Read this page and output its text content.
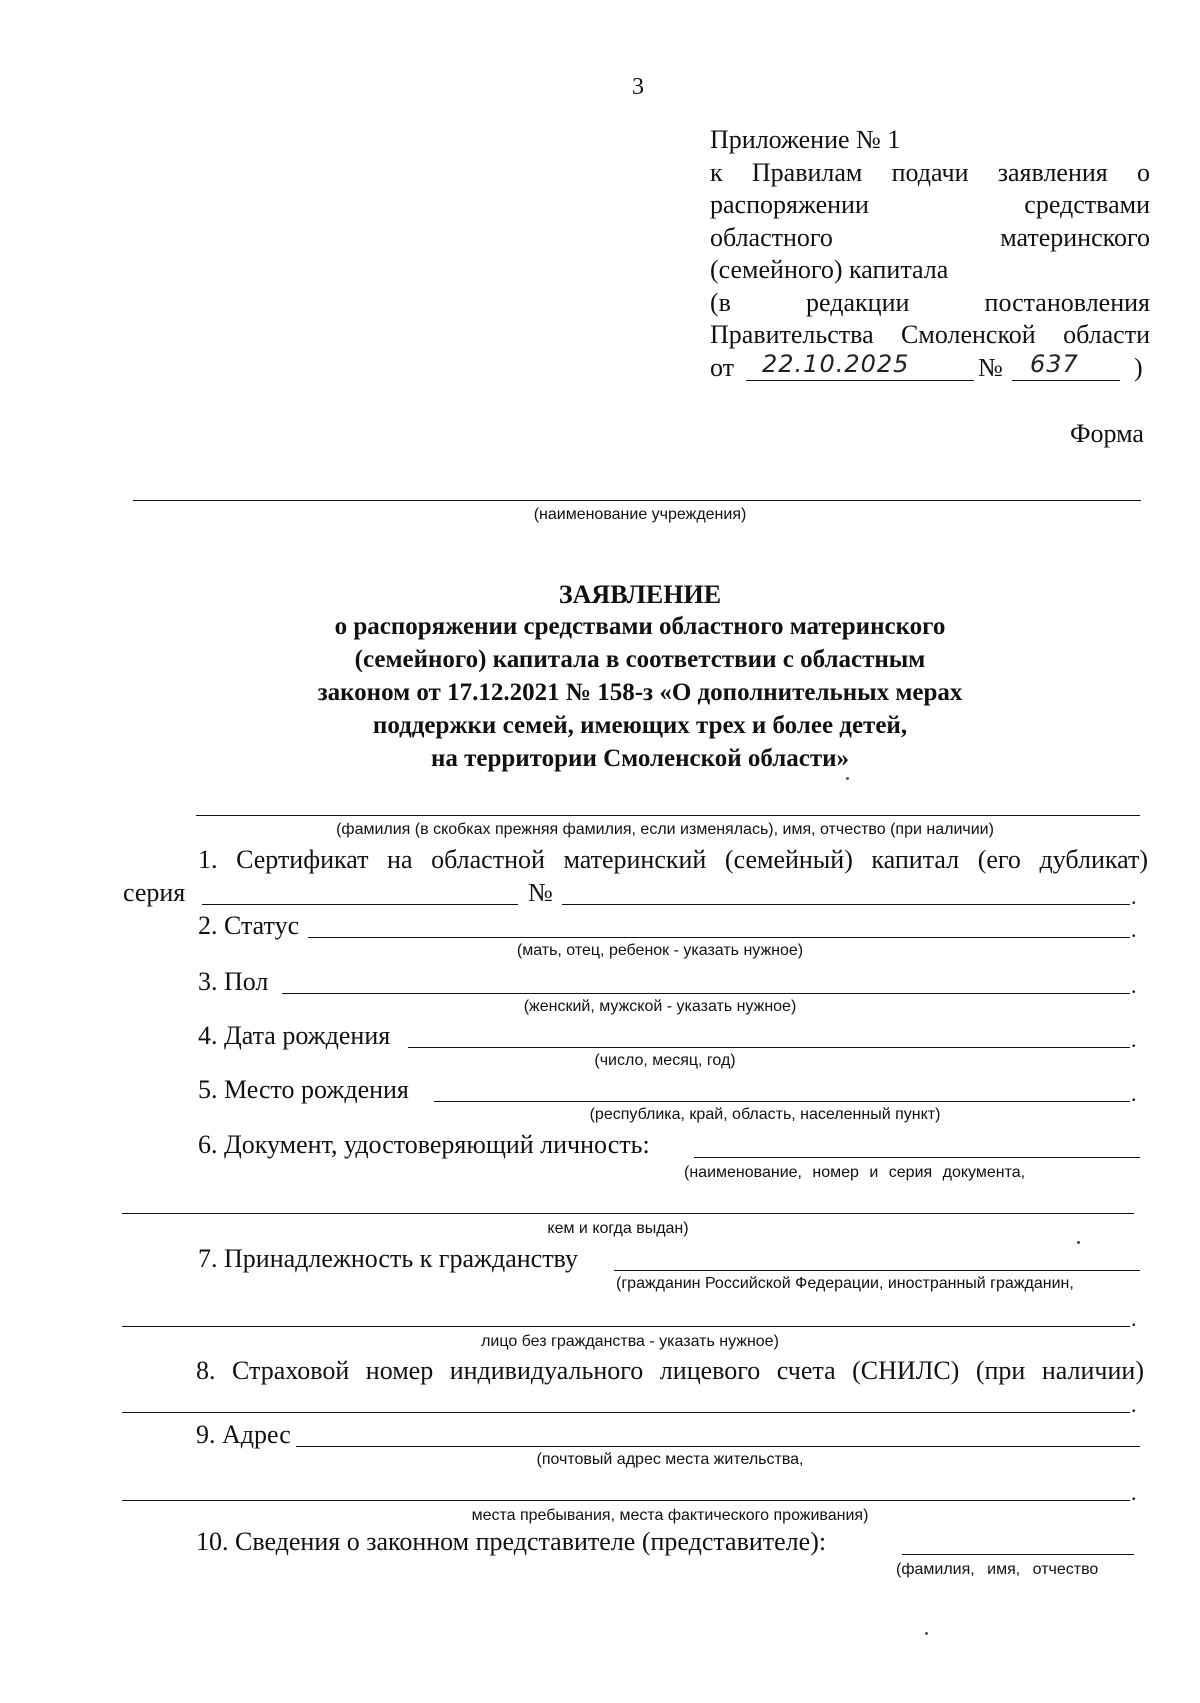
3
Приложение № 1
к Правилам подачи заявления о
распоряжении средствами
областного материнского
(семейного) капитала
(в редакции постановления
Правительства Смоленской области
от 22.10.2025	№ 637 )
Форма
(наименование учреждения)
ЗАЯВЛЕНИЕ
о распоряжении средствами областного материнского
(семейного) капитала в соответствии с областным
законом от 17.12.2021 № 158-з «О дополнительных мерах
поддержки семей, имеющих трех и более детей,
на территории Смоленской области»
(фамилия (в скобках прежняя фамилия, если изменялась), имя, отчество (при наличии)
1. Сертификат на областной материнский (семейный) капитал (его дубликат)
серия	№	.
2. Статус	.
(мать, отец, ребенок - указать нужное)
3. Пол	.
(женский, мужской - указать нужное)
4. Дата рождения	.
(число, месяц, год)
5. Место рождения	.
(республика, край, область, населенный пункт)
6. Документ, удостоверяющий личность:
(наименование, номер и серия документа,
кем и когда выдан)
7. Принадлежность к гражданству
(гражданин Российской Федерации, иностранный гражданин,
.
лицо без гражданства - указать нужное)
8. Страховой номер индивидуального лицевого счета (СНИЛС) (при наличии)
.
9. Адрес
(почтовый адрес места жительства,
.
места пребывания, места фактического проживания)
10. Сведения о законном представителе (представителе):
(фамилия, имя, отчество
